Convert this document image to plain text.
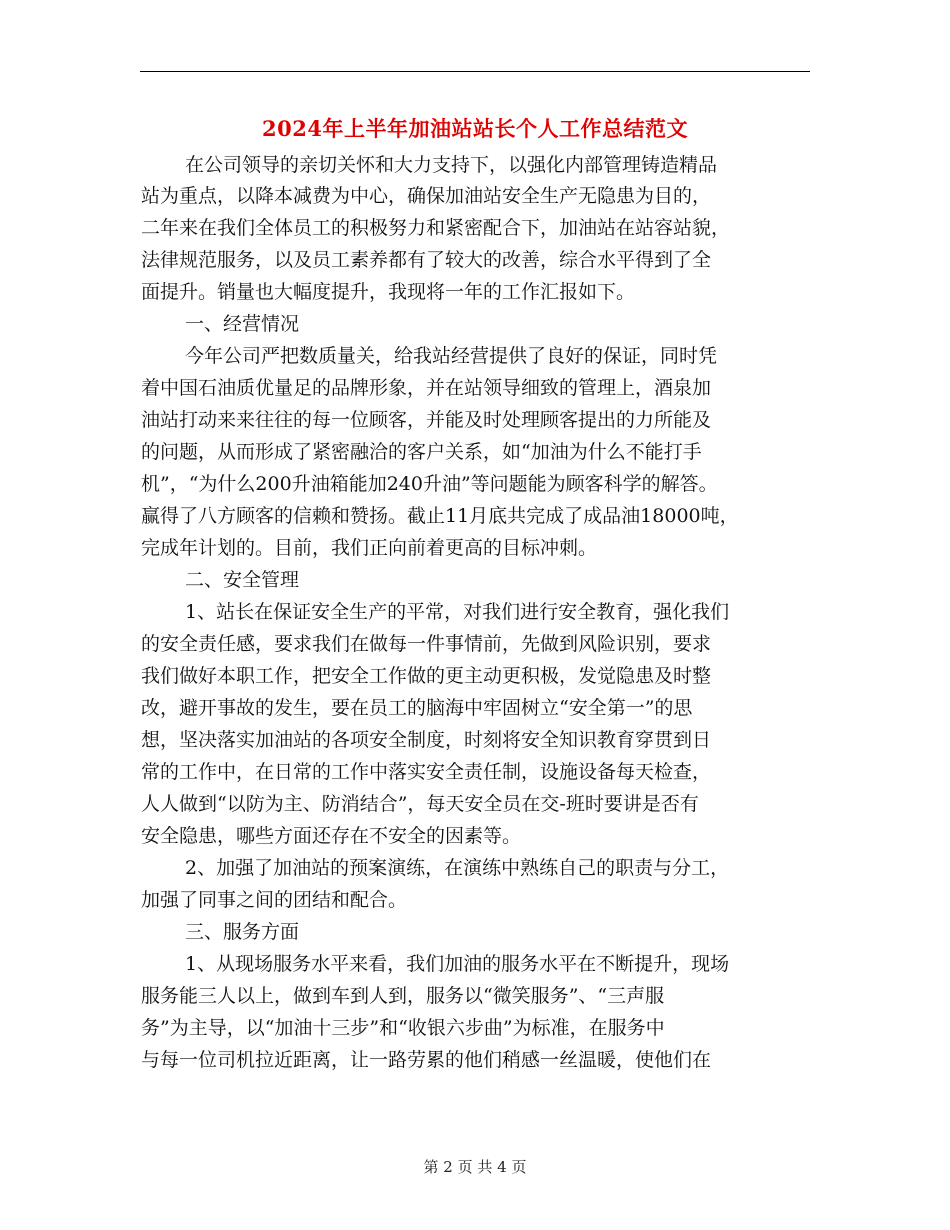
2024年上半年加油站站长个人工作总结范文
在公司领导的亲切关怀和大力支持下，以强化内部管理铸造精品
站为重点，以降本减费为中心，确保加油站安全生产无隐患为目的，
二年来在我们全体员工的积极努力和紧密配合下，加油站在站容站貌，
法律规范服务，以及员工素养都有了较大的改善，综合水平得到了全
面提升。销量也大幅度提升，我现将一年的工作汇报如下。
一、经营情况
今年公司严把数质量关，给我站经营提供了良好的保证，同时凭
着中国石油质优量足的品牌形象，并在站领导细致的管理上，酒泉加
油站打动来来往往的每一位顾客，并能及时处理顾客提出的力所能及
的问题，从而形成了紧密融洽的客户关系，如“加油为什么不能打手
机”，“为什么200升油箱能加240升油”等问题能为顾客科学的解答。
赢得了八方顾客的信赖和赞扬。截止11月底共完成了成品油18000吨，
完成年计划的。目前，我们正向前着更高的目标冲刺。
二、安全管理
1、站长在保证安全生产的平常，对我们进行安全教育，强化我们
的安全责任感，要求我们在做每一件事情前，先做到风险识别，要求
我们做好本职工作，把安全工作做的更主动更积极，发觉隐患及时整
改，避开事故的发生，要在员工的脑海中牢固树立“安全第一”的思
想，坚决落实加油站的各项安全制度，时刻将安全知识教育穿贯到日
常的工作中，在日常的工作中落实安全责任制，设施设备每天检查，
人人做到“以防为主、防消结合”，每天安全员在交-班时要讲是否有
安全隐患，哪些方面还存在不安全的因素等。
2、加强了加油站的预案演练，在演练中熟练自己的职责与分工，
加强了同事之间的团结和配合。
三、服务方面
1、从现场服务水平来看，我们加油的服务水平在不断提升，现场
服务能三人以上，做到车到人到，服务以“微笑服务”、“三声服
务”为主导，以“加油十三步”和“收银六步曲”为标准，在服务中
与每一位司机拉近距离，让一路劳累的他们稍感一丝温暖，使他们在
第 2 页 共 4 页
